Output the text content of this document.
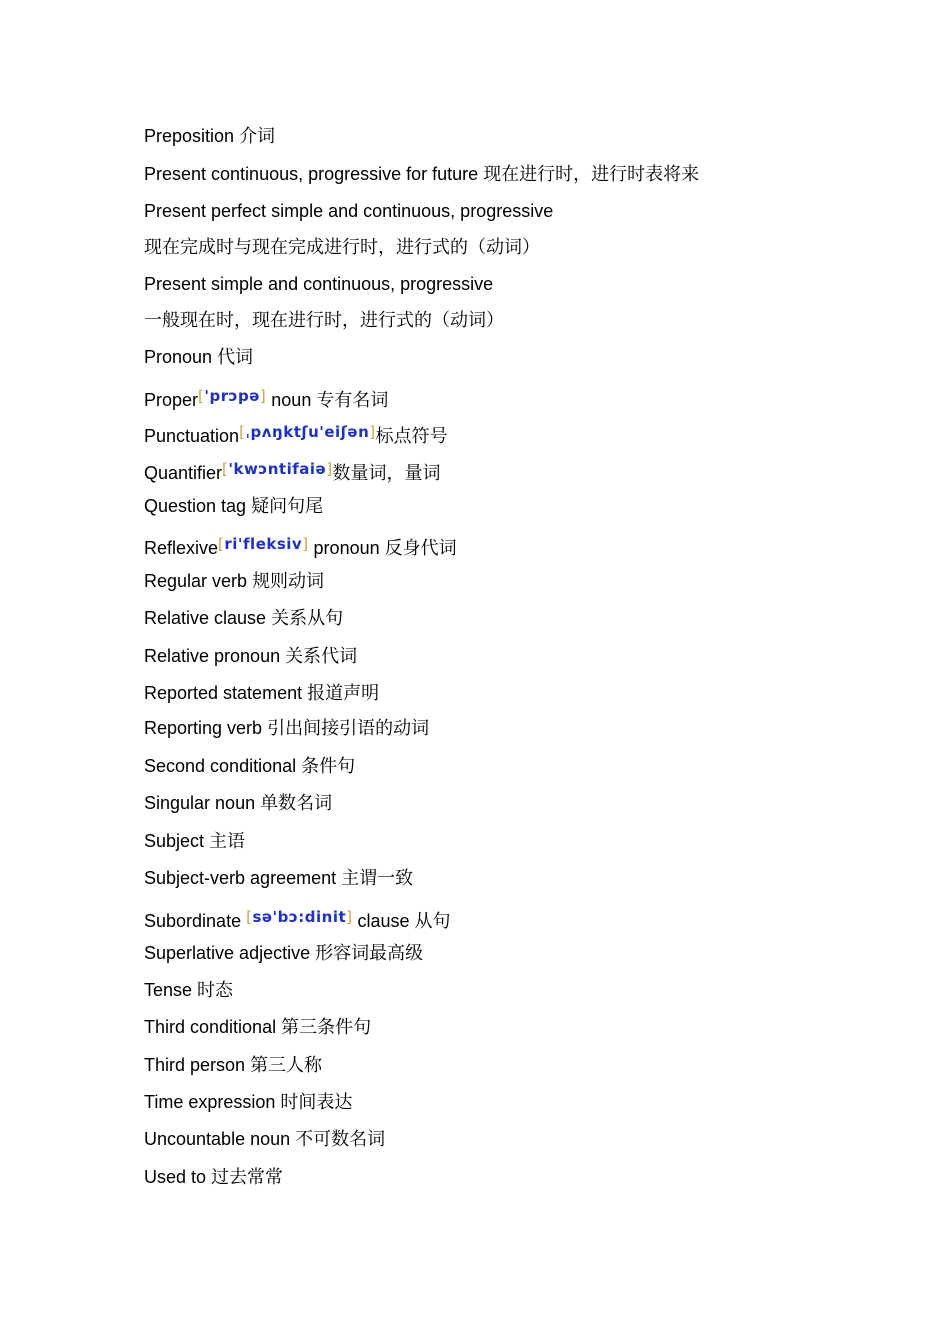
Preposition 介词
Present continuous, progressive for future 现在进行时，进行时表将来
Present perfect simple and continuous, progressive
现在完成时与现在完成进行时，进行式的（动词）
Present simple and continuous, progressive
一般现在时，现在进行时，进行式的（动词）
Pronoun 代词
Proper['prɔpə] noun 专有名词
Punctuation[ˌpʌŋktʃu'eiʃən]标点符号
Quantifier['kwɔntifaiə]数量词，量词
Question tag 疑问句尾
Reflexive[ri'fleksiv] pronoun 反身代词
Regular verb 规则动词
Relative clause 关系从句
Relative pronoun 关系代词
Reported statement 报道声明
Reporting verb 引出间接引语的动词
Second conditional 条件句
Singular noun 单数名词
Subject 主语
Subject-verb agreement 主谓一致
Subordinate [sə'bɔ:dinit] clause 从句
Superlative adjective 形容词最高级
Tense 时态
Third conditional 第三条件句
Third person 第三人称
Time expression 时间表达
Uncountable noun 不可数名词
Used to 过去常常
